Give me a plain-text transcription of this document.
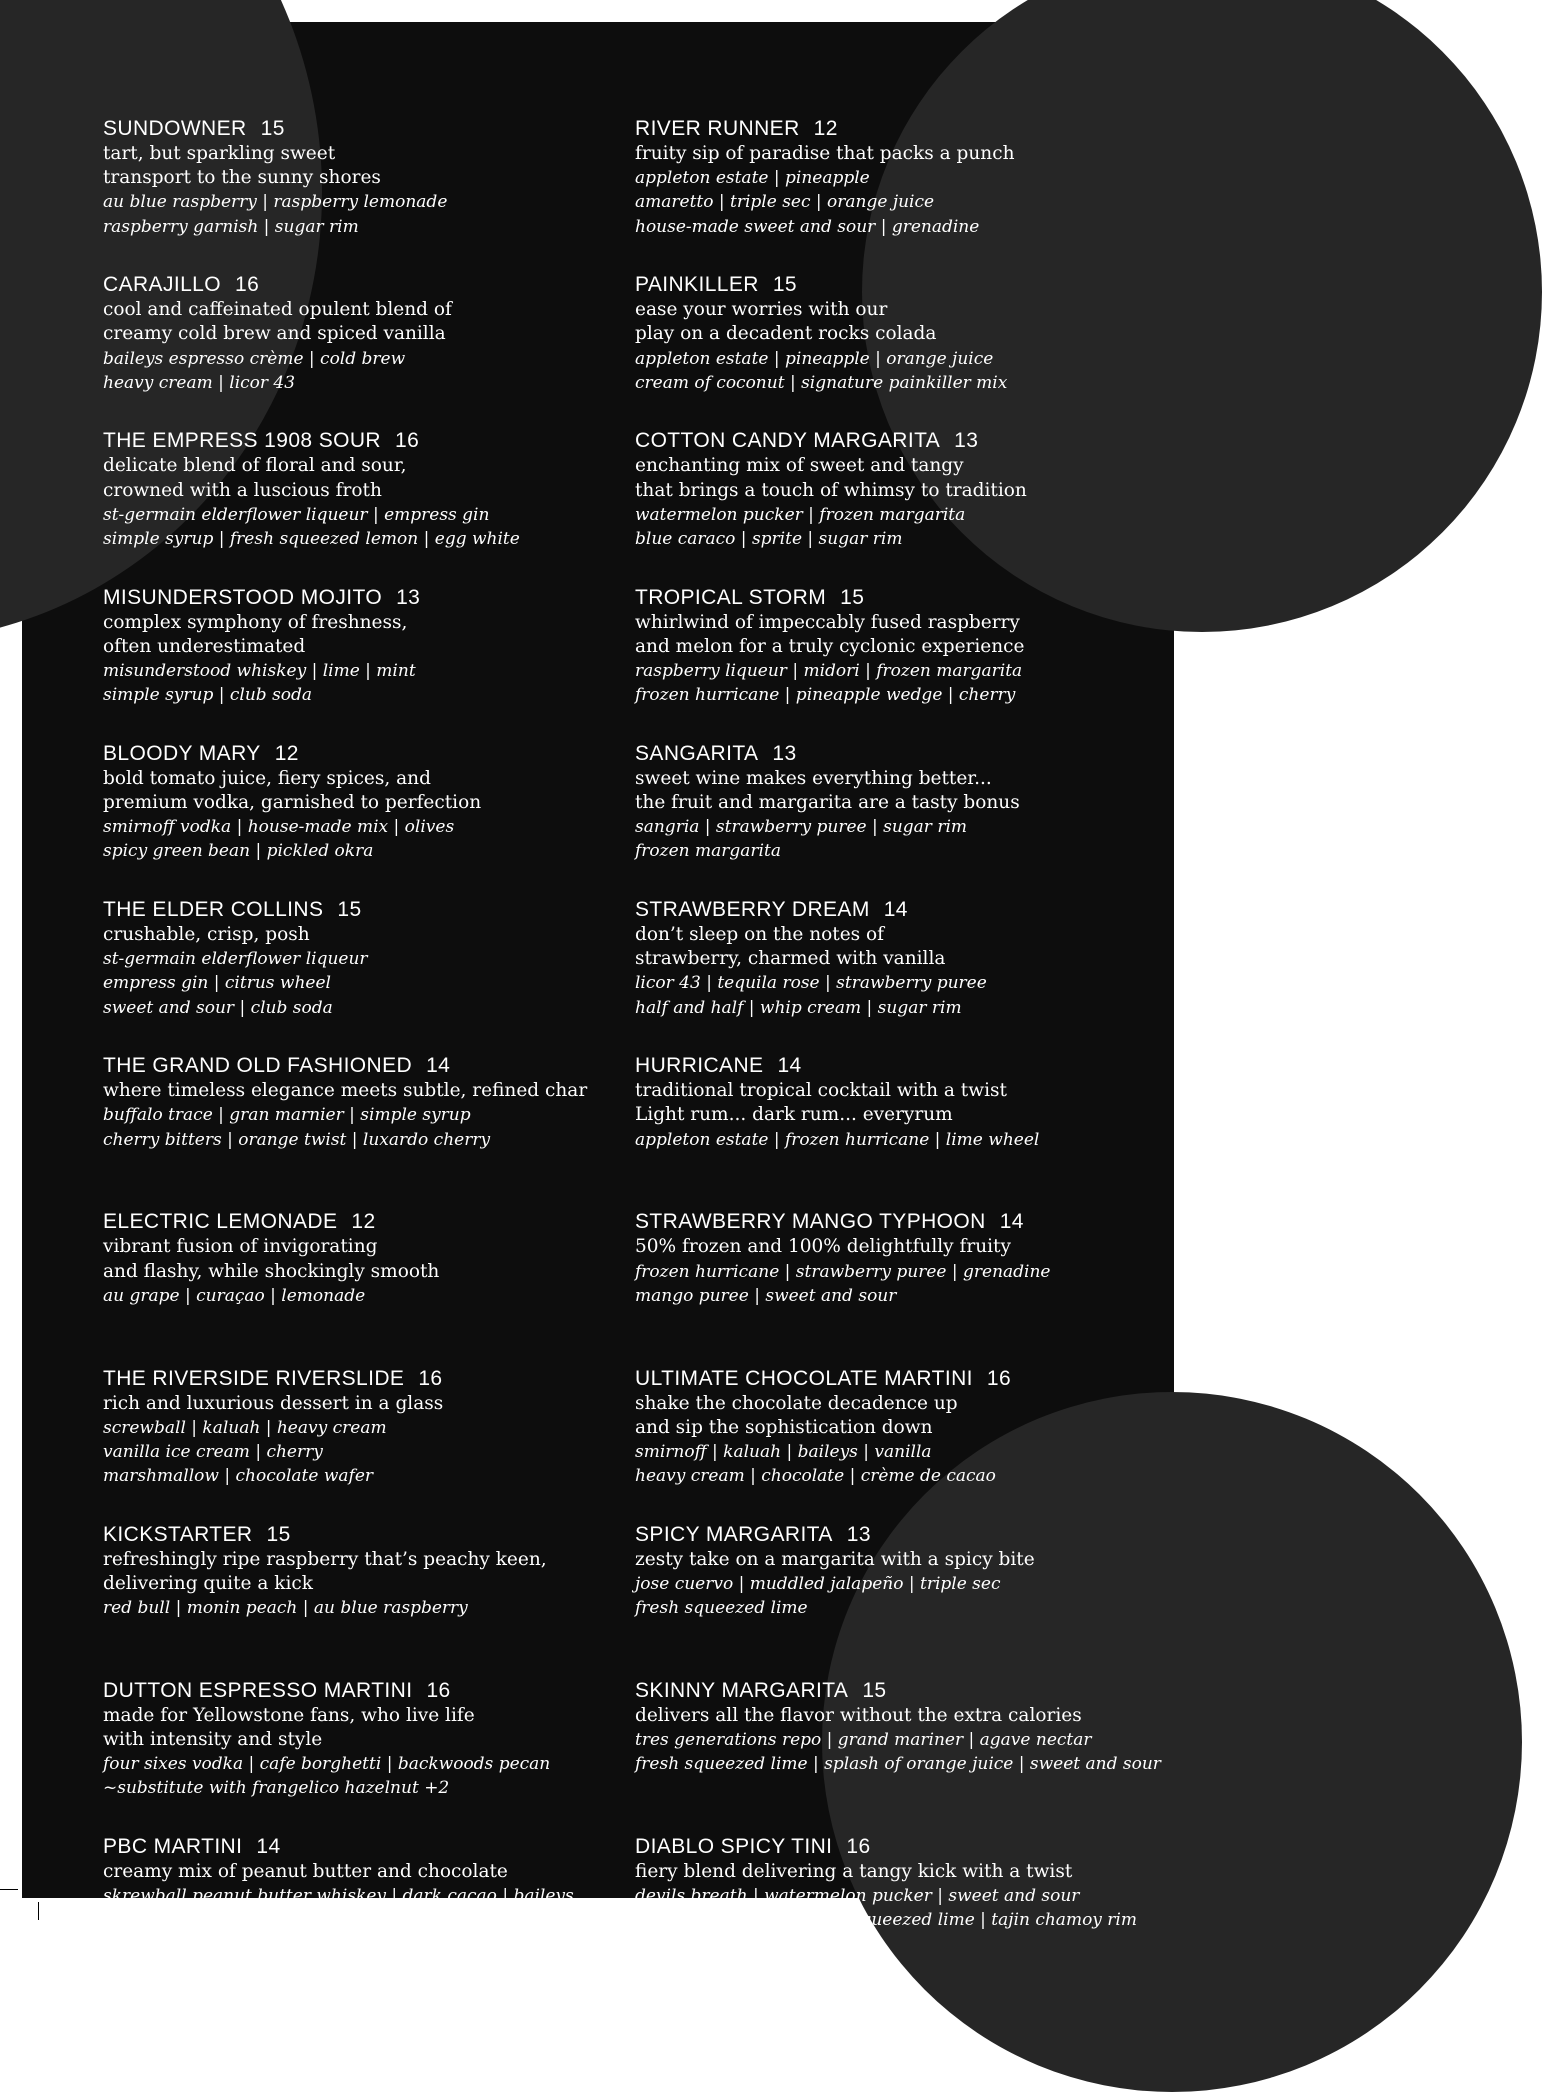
SUNDOWNER 15
tart, but sparkling sweet
transport to the sunny shores
au blue raspberry | raspberry lemonade
raspberry garnish | sugar rim
CARAJILLO 16
cool and caffeinated opulent blend of
creamy cold brew and spiced vanilla
baileys espresso crème | cold brew
heavy cream | licor 43
THE EMPRESS 1908 SOUR 16
delicate blend of floral and sour,
crowned with a luscious froth
st-germain elderflower liqueur | empress gin
simple syrup | fresh squeezed lemon | egg white
MISUNDERSTOOD MOJITO 13
complex symphony of freshness,
often underestimated
misunderstood whiskey | lime | mint
simple syrup | club soda
BLOODY MARY 12
bold tomato juice, fiery spices, and
premium vodka, garnished to perfection
smirnoff vodka | house-made mix | olives
spicy green bean | pickled okra
THE ELDER COLLINS 15
crushable, crisp, posh
st-germain elderflower liqueur
empress gin | citrus wheel
sweet and sour | club soda
THE GRAND OLD FASHIONED 14
where timeless elegance meets subtle, refined char
buffalo trace | gran marnier | simple syrup
cherry bitters | orange twist | luxardo cherry
ELECTRIC LEMONADE 12
vibrant fusion of invigorating
and flashy, while shockingly smooth
au grape | curaçao | lemonade
THE RIVERSIDE RIVERSLIDE 16
rich and luxurious dessert in a glass
screwball | kaluah | heavy cream
vanilla ice cream | cherry
marshmallow | chocolate wafer
KICKSTARTER 15
refreshingly ripe raspberry that’s peachy keen,
delivering quite a kick
red bull | monin peach | au blue raspberry
DUTTON ESPRESSO MARTINI 16
made for Yellowstone fans, who live life
with intensity and style
four sixes vodka | cafe borghetti | backwoods pecan
~substitute with frangelico hazelnut +2
PBC MARTINI 14
creamy mix of peanut butter and chocolate
skrewball peanut butter whiskey | dark cacao | baileys
RIVER RUNNER 12
fruity sip of paradise that packs a punch
appleton estate | pineapple
amaretto | triple sec | orange juice
house-made sweet and sour | grenadine
PAINKILLER 15
ease your worries with our
play on a decadent rocks colada
appleton estate | pineapple | orange juice
cream of coconut | signature painkiller mix
COTTON CANDY MARGARITA 13
enchanting mix of sweet and tangy
that brings a touch of whimsy to tradition
watermelon pucker | frozen margarita
blue caraco | sprite | sugar rim
TROPICAL STORM 15
whirlwind of impeccably fused raspberry
and melon for a truly cyclonic experience
raspberry liqueur | midori | frozen margarita
frozen hurricane | pineapple wedge | cherry
SANGARITA 13
sweet wine makes everything better...
the fruit and margarita are a tasty bonus
sangria | strawberry puree | sugar rim
frozen margarita
STRAWBERRY DREAM 14
don’t sleep on the notes of
strawberry, charmed with vanilla
licor 43 | tequila rose | strawberry puree
half and half | whip cream | sugar rim
HURRICANE 14
traditional tropical cocktail with a twist
Light rum... dark rum... everyrum
appleton estate | frozen hurricane | lime wheel
STRAWBERRY MANGO TYPHOON 14
50% frozen and 100% delightfully fruity
frozen hurricane | strawberry puree | grenadine
mango puree | sweet and sour
ULTIMATE CHOCOLATE MARTINI 16
shake the chocolate decadence up
and sip the sophistication down
smirnoff | kaluah | baileys | vanilla
heavy cream | chocolate | crème de cacao
SPICY MARGARITA 13
zesty take on a margarita with a spicy bite
jose cuervo | muddled jalapeño | triple sec
fresh squeezed lime
SKINNY MARGARITA 15
delivers all the flavor without the extra calories
tres generations repo | grand mariner | agave nectar
fresh squeezed lime | splash of orange juice | sweet and sour
DIABLO SPICY TINI 16
fiery blend delivering a tangy kick with a twist
devils breath | watermelon pucker | sweet and sour
strawberry puree | fresh squeezed lime | tajin chamoy rim
